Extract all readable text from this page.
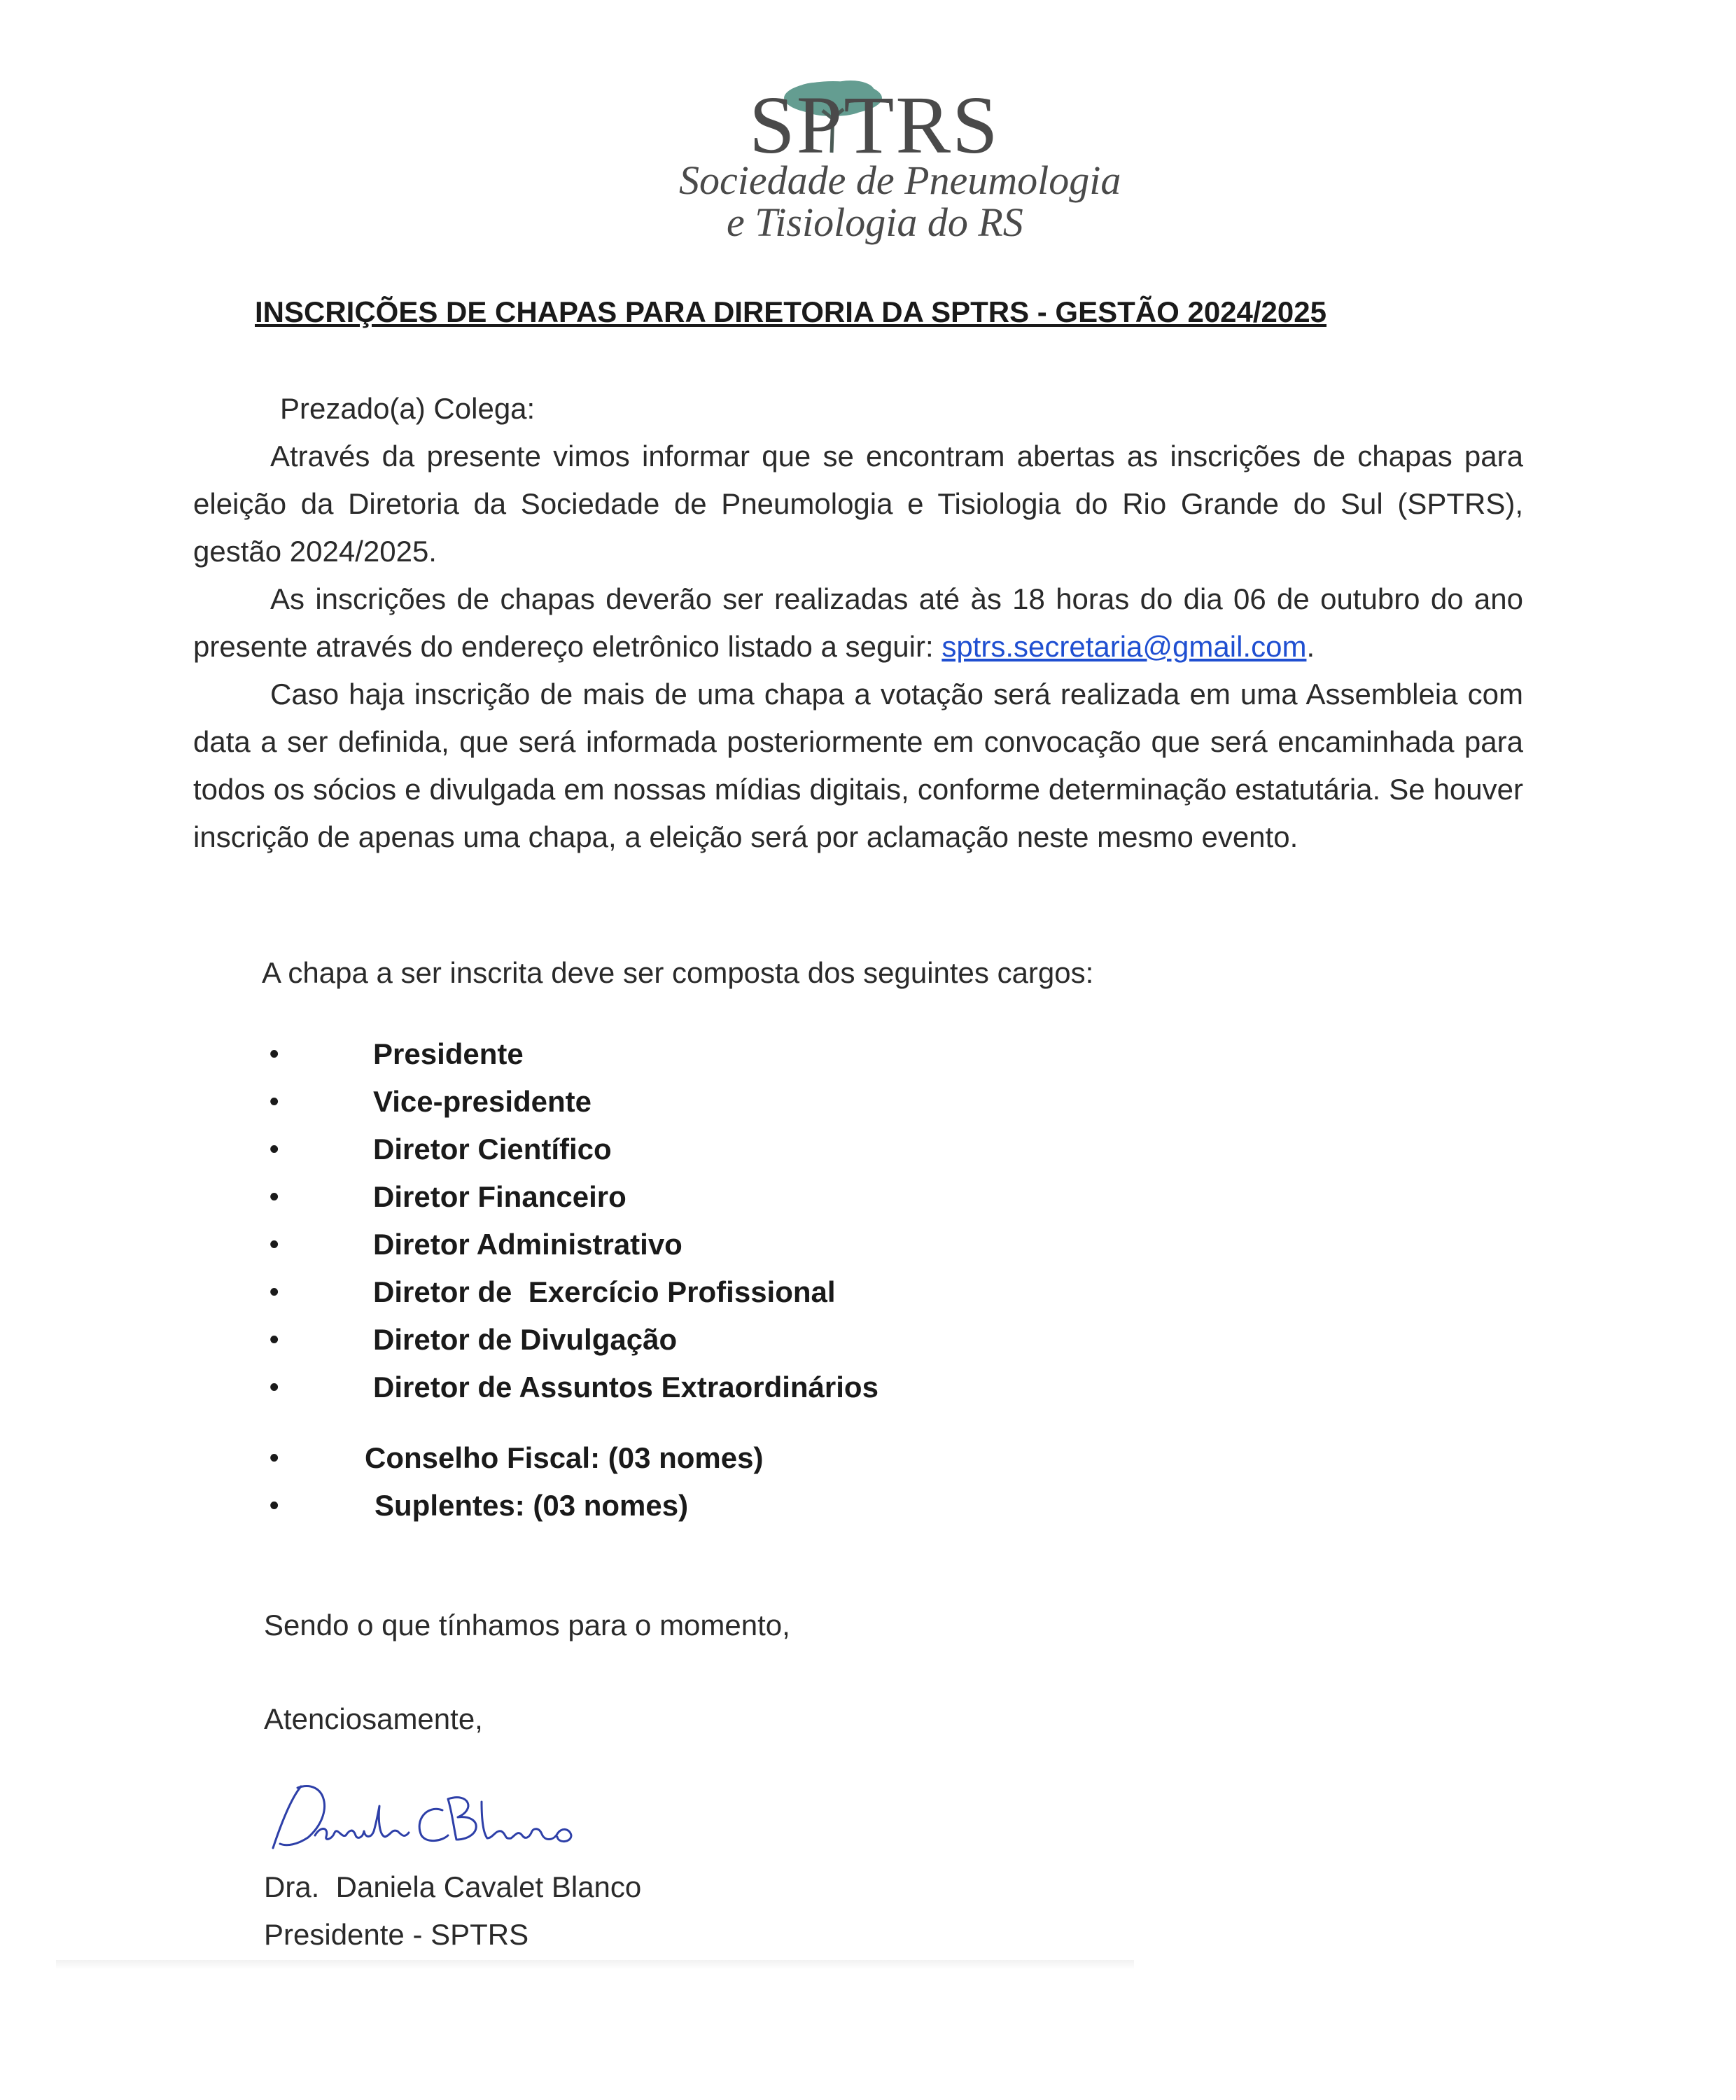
SPTRS
Sociedade de Pneumologia
e Tisiologia do RS
INSCRIÇÕES DE CHAPAS PARA DIRETORIA DA SPTRS - GESTÃO 2024/2025
Prezado(a) Colega:
Através da presente vimos informar que se encontram abertas as inscrições de chapas para eleição da Diretoria da Sociedade de Pneumologia e Tisiologia do Rio Grande do Sul (SPTRS), gestão 2024/2025.
As inscrições de chapas deverão ser realizadas até às 18 horas do dia 06 de outubro do ano presente através do endereço eletrônico listado a seguir: sptrs.secretaria@gmail.com.
Caso haja inscrição de mais de uma chapa a votação será realizada em uma Assembleia com data a ser definida, que será informada posteriormente em convocação que será encaminhada para todos os sócios e divulgada em nossas mídias digitais, conforme determinação estatutária. Se houver inscrição de apenas uma chapa, a eleição será por aclamação neste mesmo evento.
A chapa a ser inscrita deve ser composta dos seguintes cargos:
•	Presidente
•	Vice-presidente
•	Diretor Científico
•	Diretor Financeiro
•	Diretor Administrativo
•	Diretor de  Exercício Profissional
•	Diretor de Divulgação
•	Diretor de Assuntos Extraordinários
•	Conselho Fiscal: (03 nomes)
•	Suplentes: (03 nomes)
Sendo o que tínhamos para o momento,
Atenciosamente,
Dra.  Daniela Cavalet Blanco
Presidente - SPTRS
